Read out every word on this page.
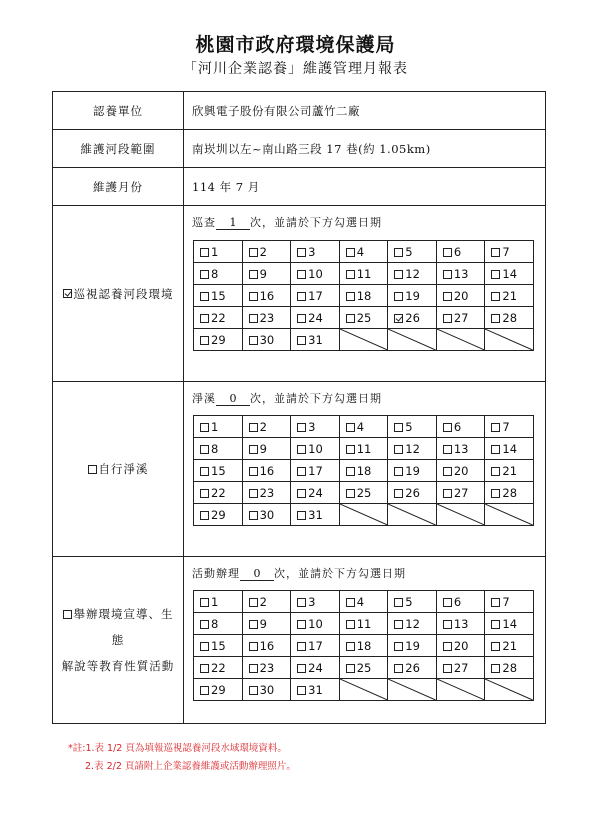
桃園市政府環境保護局
「河川企業認養」維護管理月報表
認養單位	欣興電子股份有限公司蘆竹二廠
維護河段範圍	南崁圳以左~南山路三段 17 巷(約 1.05km)
維護月份	114 年 7 月
巡視認養河段環境
巡查 1 次，並請於下方勾選日期
1	2	3	4	5	6	7
8	9	10	11	12	13	14
15	16	17	18	19	20	21
22	23	24	25	26	27	28
29	30	31	

自行淨溪
淨溪 0 次，並請於下方勾選日期
1	2	3	4	5	6	7
8	9	10	11	12	13	14
15	16	17	18	19	20	21
22	23	24	25	26	27	28
29	30	31	

舉辦環境宣導、生態
解說等教育性質活動
活動辦理 0 次，並請於下方勾選日期
1	2	3	4	5	6	7
8	9	10	11	12	13	14
15	16	17	18	19	20	21
22	23	24	25	26	27	28
29	30	31	

*註:1.表 1/2 頁為填報巡視認養河段水域環境資料。
2.表 2/2 頁請附上企業認養維護或活動辦理照片。
